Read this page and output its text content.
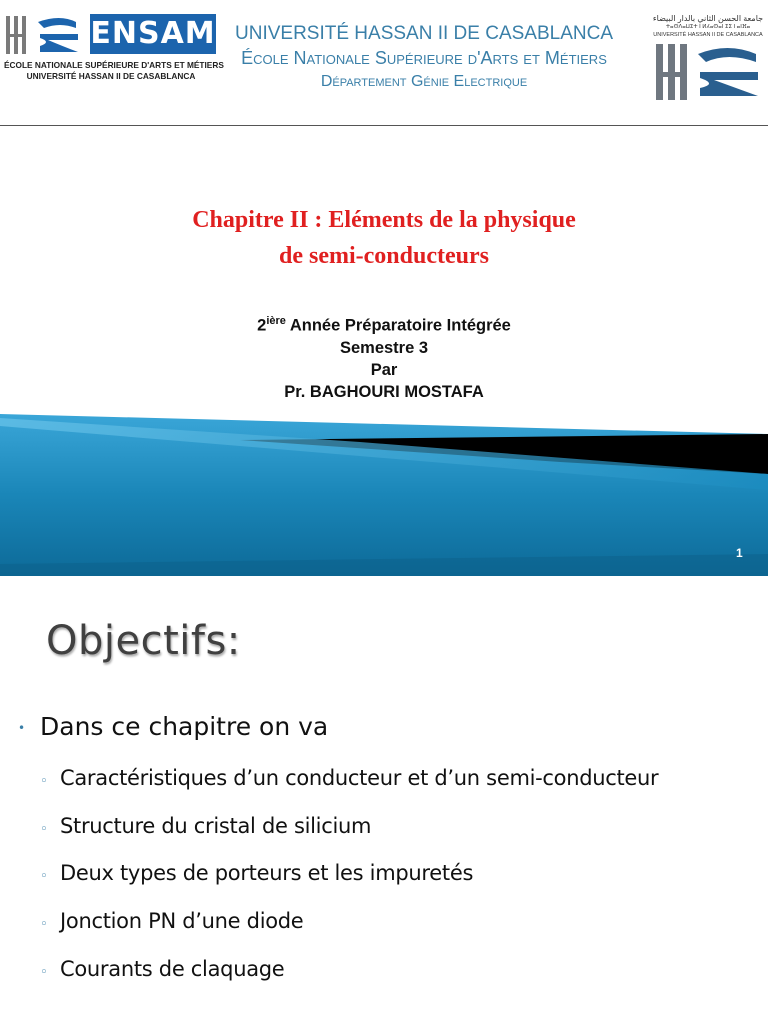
ENSAM
ÉCOLE NATIONALE SUPÉRIEURE D'ARTS ET MÉTIERS
UNIVERSITÉ HASSAN II DE CASABLANCA
UNIVERSITÉ HASSAN II DE CASABLANCA
École Nationale Supérieure d'Arts et Métiers
Département Génie Electrique
جامعة الحسن الثاني بالدار البيضاء
ⵜⴰⵙⴷⴰⵡⵉⵜ ⵏ ⵍⵃⴰⵙⴰⵏ ⵉⵉ ⵏ ⴰⵏⴼⴰ
UNIVERSITÉ HASSAN II DE CASABLANCA
Chapitre II : Eléments de la physique
de semi-conducteurs
$2^{ière}$ Année Préparatoire Intégrée
Semestre 3
Par
Pr. BAGHOURI MOSTAFA
1
Objectifs:
• Dans ce chapitre on va
◦ Caractéristiques d’un conducteur et d’un semi-conducteur
◦ Structure du cristal de silicium
◦ Deux types de porteurs et les impuretés
◦ Jonction PN d’une diode
◦ Courants de claquage
